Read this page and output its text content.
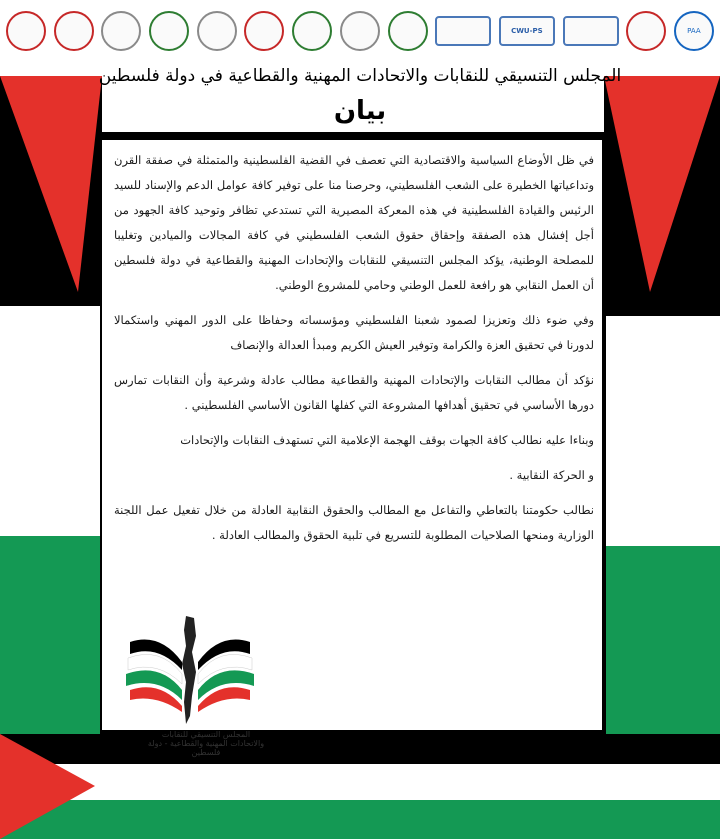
PAA
CWU-PS
المجلس التنسيقي للنقابات والاتحادات المهنية والقطاعية في دولة فلسطين
بيان

في ظل الأوضاع السياسية والاقتصادية التي تعصف في القضية الفلسطينية والمتمثلة في صفقة القرن وتداعياتها الخطيرة على الشعب الفلسطيني، وحرصنا منا على توفير كافة عوامل الدعم والإسناد للسيد الرئيس والقيادة الفلسطينية في هذه المعركة المصيرية التي تستدعي تظافر وتوحيد كافة الجهود من أجل إفشال هذه الصفقة وإحقاق حقوق الشعب الفلسطيني في كافة المجالات والميادين وتغليبا للمصلحة الوطنية، يؤكد المجلس التنسيقي للنقابات والإتحادات المهنية والقطاعية في دولة فلسطين أن العمل النقابي هو رافعة للعمل الوطني وحامي للمشروع الوطني.

وفي ضوء ذلك وتعزيزا لصمود شعبنا الفلسطيني ومؤسساته وحفاظا على الدور المهني واستكمالا لدورنا في تحقيق العزة والكرامة وتوفير العيش الكريم ومبدأ العدالة والإنصاف

نؤكد أن مطالب النقابات والإتحادات المهنية والقطاعية مطالب عادلة وشرعية وأن النقابات تمارس دورها الأساسي في تحقيق أهدافها المشروعة التي كفلها القانون الأساسي الفلسطيني .

وبناءا عليه نطالب كافة الجهات بوقف الهجمة الإعلامية التي تستهدف النقابات والإتحادات

و الحركة النقابية .

نطالب حكومتنا بالتعاطي والتفاعل مع المطالب والحقوق النقابية العادلة من خلال تفعيل عمل اللجنة الوزارية ومنحها الصلاحيات المطلوبة للتسريع في تلبية الحقوق والمطالب العادلة .

المجلس التنسيقي للنقابات والاتحادات المهنية والقطاعية - دولة فلسطين
